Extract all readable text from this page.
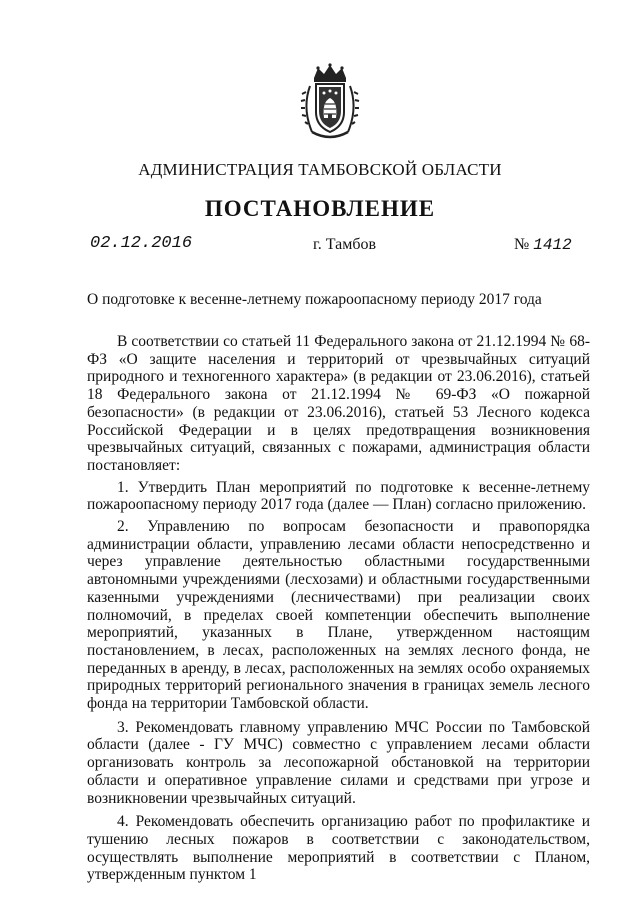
АДМИНИСТРАЦИЯ ТАМБОВСКОЙ ОБЛАСТИ
ПОСТАНОВЛЕНИЕ
02.12.2016	г. Тамбов	№ 1412
О подготовке к весенне-летнему пожароопасному периоду 2017 года

В соответствии со статьей 11 Федерального закона от 21.12.1994 № 68-ФЗ «О защите населения и территорий от чрезвычайных ситуаций природного и техногенного характера» (в редакции от 23.06.2016), статьей 18 Федерального закона от 21.12.1994 № 69-ФЗ «О пожарной безопасности» (в редакции от 23.06.2016), статьей 53 Лесного кодекса Российской Федерации и в целях предотвращения возникновения чрезвычайных ситуаций, связанных с пожарами, администрация области постановляет:

1. Утвердить План мероприятий по подготовке к весенне-летнему пожароопасному периоду 2017 года (далее — План) согласно приложению.

2. Управлению по вопросам безопасности и правопорядка администрации области, управлению лесами области непосредственно и через управление деятельностью областными государственными автономными учреждениями (лесхозами) и областными государственными казенными учреждениями (лесничествами) при реализации своих полномочий, в пределах своей компетенции обеспечить выполнение мероприятий, указанных в Плане, утвержденном настоящим постановлением, в лесах, расположенных на землях лесного фонда, не переданных в аренду, в лесах, расположенных на землях особо охраняемых природных территорий регионального значения в границах земель лесного фонда на территории Тамбовской области.

3. Рекомендовать главному управлению МЧС России по Тамбовской области (далее - ГУ МЧС) совместно с управлением лесами области организовать контроль за лесопожарной обстановкой на территории области и оперативное управление силами и средствами при угрозе и возникновении чрезвычайных ситуаций.

4. Рекомендовать обеспечить организацию работ по профилактике и тушению лесных пожаров в соответствии с законодательством, осуществлять выполнение мероприятий в соответствии с Планом, утвержденным пунктом 1
